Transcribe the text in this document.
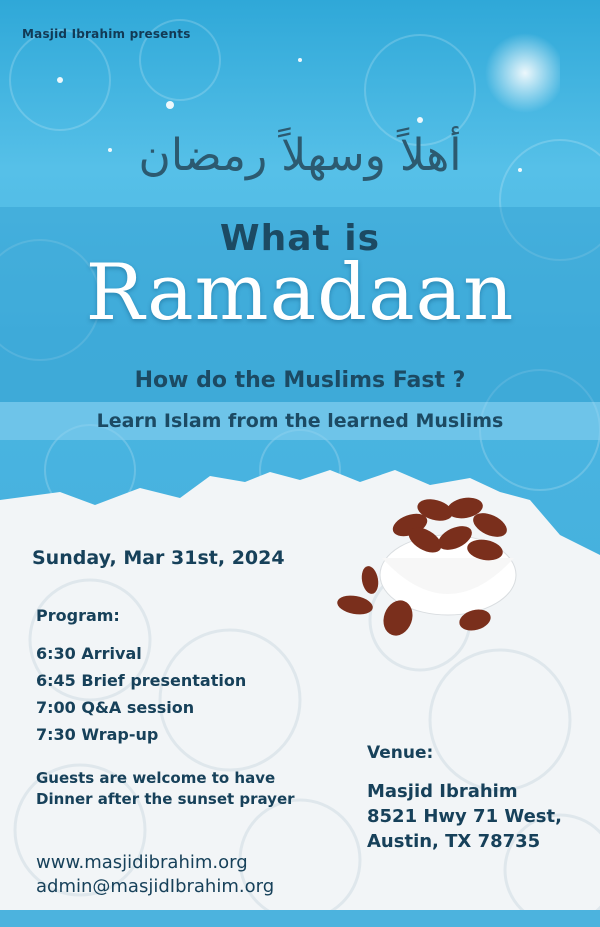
Masjid Ibrahim presents
أهلاً وسهلاً رمضان
What is
Ramadaan
How do the Muslims Fast ?
Learn Islam from the learned Muslims
Sunday, Mar 31st, 2024
Program:
6:30 Arrival
6:45 Brief presentation
7:00 Q&A session
7:30 Wrap-up
Guests are welcome to have
Dinner after the sunset prayer
www.masjidibrahim.org
admin@masjidIbrahim.org
Venue:
Masjid Ibrahim
8521 Hwy 71 West,
Austin, TX 78735
